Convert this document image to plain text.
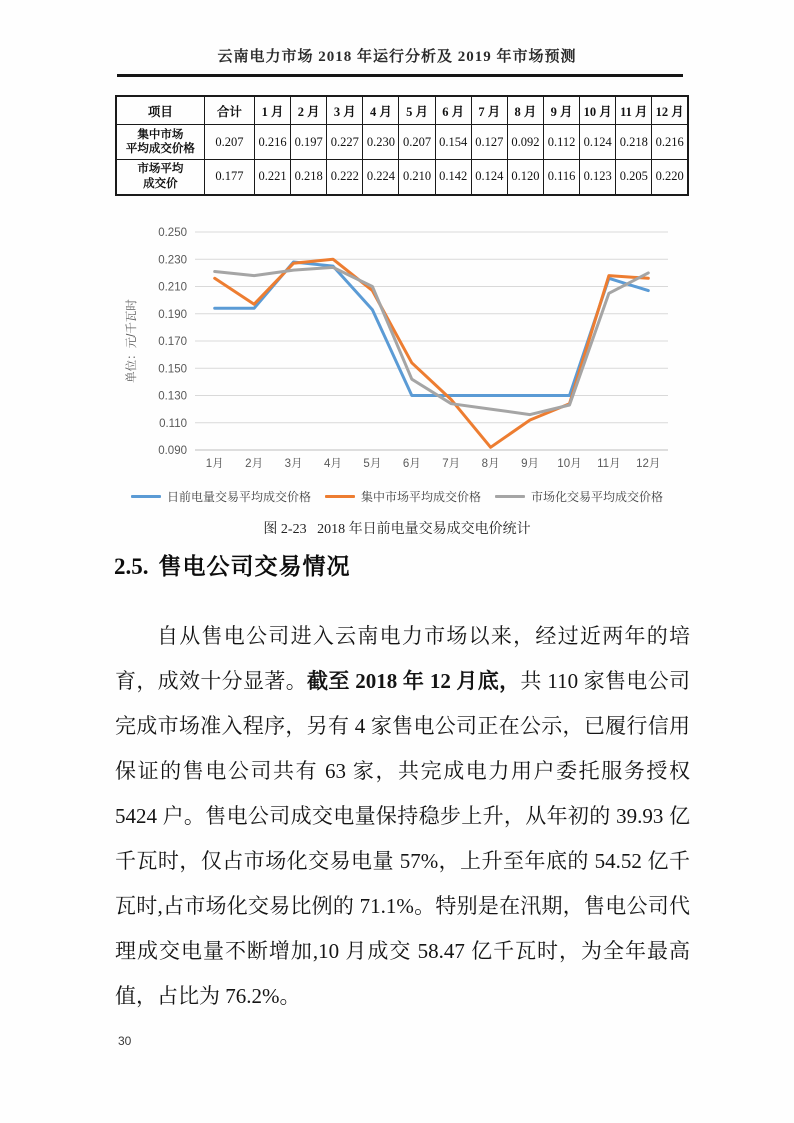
云南电力市场 2018 年运行分析及 2019 年市场预测
项目	合计	1 月	2 月	3 月	4 月	5 月	6 月	7 月	8 月	9 月	10 月	11 月	12 月

集中市场
平均成交价格	0.207	0.216	0.197	0.227	0.230	0.207	0.154	0.127	0.092	0.112	0.124	0.218	0.216

市场平均
成交价	0.177	0.221	0.218	0.222	0.224	0.210	0.142	0.124	0.120	0.116	0.123	0.205	0.220
0.250
0.230
0.210
0.190
0.170
0.150
0.130
0.110
0.090
1月 2月 3月 4月 5月 6月 7月 8月 9月 10月 11月 12月
单位：元/千瓦时
日前电量交易平均成交价格	集中市场平均成交价格	市场化交易平均成交价格
图 2-23   2018 年日前电量交易成交电价统计
2.5. 售电公司交易情况

自从售电公司进入云南电力市场以来，经过近两年的培育，成效十分显著。截至 2018 年 12 月底，共 110 家售电公司完成市场准入程序，另有 4 家售电公司正在公示，已履行信用保证的售电公司共有 63 家，共完成电力用户委托服务授权 5424 户。售电公司成交电量保持稳步上升，从年初的 39.93 亿千瓦时，仅占市场化交易电量 57%，上升至年底的 54.52 亿千瓦时,占市场化交易比例的 71.1%。特别是在汛期，售电公司代理成交电量不断增加,10 月成交 58.47 亿千瓦时，为全年最高值，占比为 76.2%。

30
